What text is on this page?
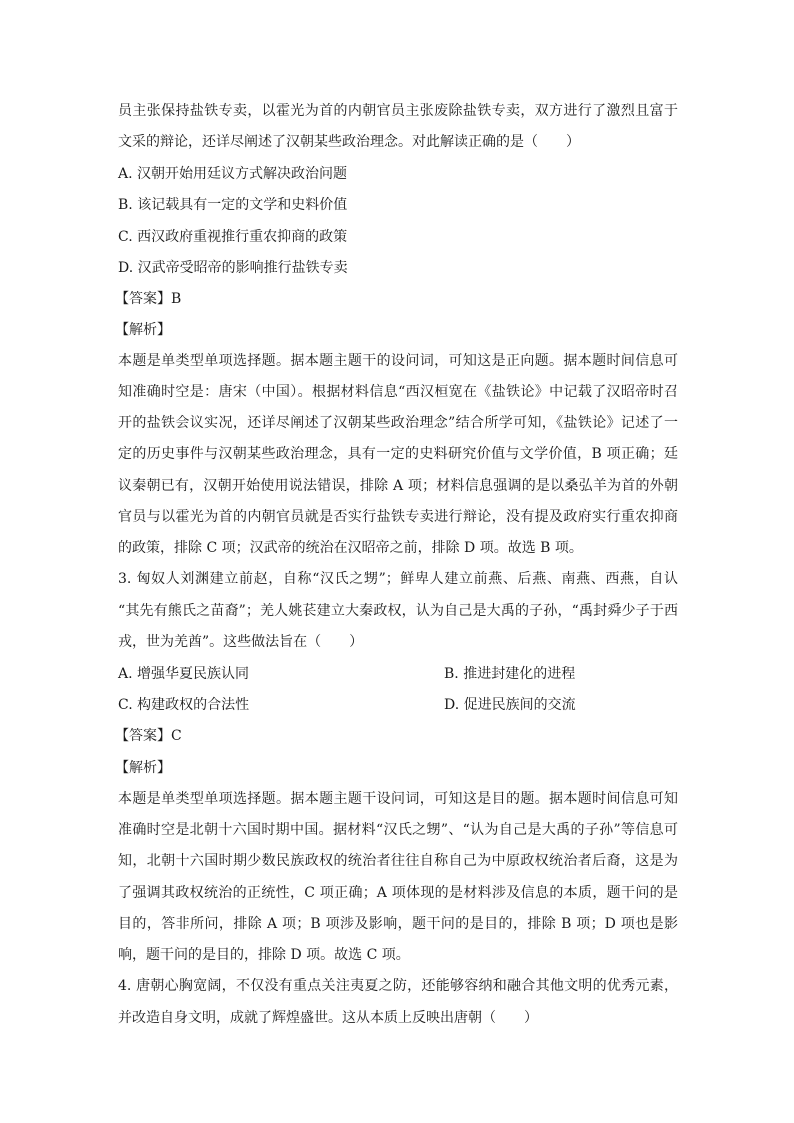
员主张保持盐铁专卖，以霍光为首的内朝官员主张废除盐铁专卖，双方进行了激烈且富于
文采的辩论，还详尽阐述了汉朝某些政治理念。对此解读正确的是（　　）
A. 汉朝开始用廷议方式解决政治问题
B. 该记载具有一定的文学和史料价值
C. 西汉政府重视推行重农抑商的政策
D. 汉武帝受昭帝的影响推行盐铁专卖
【答案】B
【解析】
本题是单类型单项选择题。据本题主题干的设问词，可知这是正向题。据本题时间信息可
知准确时空是：唐宋（中国）。根据材料信息“西汉桓宽在《盐铁论》中记载了汉昭帝时召
开的盐铁会议实况，还详尽阐述了汉朝某些政治理念”结合所学可知，《盐铁论》记述了一
定的历史事件与汉朝某些政治理念，具有一定的史料研究价值与文学价值，B 项正确；廷
议秦朝已有，汉朝开始使用说法错误，排除 A 项；材料信息强调的是以桑弘羊为首的外朝
官员与以霍光为首的内朝官员就是否实行盐铁专卖进行辩论，没有提及政府实行重农抑商
的政策，排除 C 项；汉武帝的统治在汉昭帝之前，排除 D 项。故选 B 项。
3. 匈奴人刘渊建立前赵，自称“汉氏之甥”；鲜卑人建立前燕、后燕、南燕、西燕，自认
“其先有熊氏之苗裔”；羌人姚苌建立大秦政权，认为自己是大禹的子孙，“禹封舜少子于西
戎，世为羌酋”。这些做法旨在（　　）
A. 增强华夏民族认同	B. 推进封建化的进程
C. 构建政权的合法性	D. 促进民族间的交流
【答案】C
【解析】
本题是单类型单项选择题。据本题主题干设问词，可知这是目的题。据本题时间信息可知
准确时空是北朝十六国时期中国。据材料“汉氏之甥”、“认为自己是大禹的子孙”等信息可
知，北朝十六国时期少数民族政权的统治者往往自称自己为中原政权统治者后裔，这是为
了强调其政权统治的正统性，C 项正确；A 项体现的是材料涉及信息的本质，题干问的是
目的，答非所问，排除 A 项；B 项涉及影响，题干问的是目的，排除 B 项；D 项也是影
响，题干问的是目的，排除 D 项。故选 C 项。
4. 唐朝心胸宽阔，不仅没有重点关注夷夏之防，还能够容纳和融合其他文明的优秀元素，
并改造自身文明，成就了辉煌盛世。这从本质上反映出唐朝（　　）
